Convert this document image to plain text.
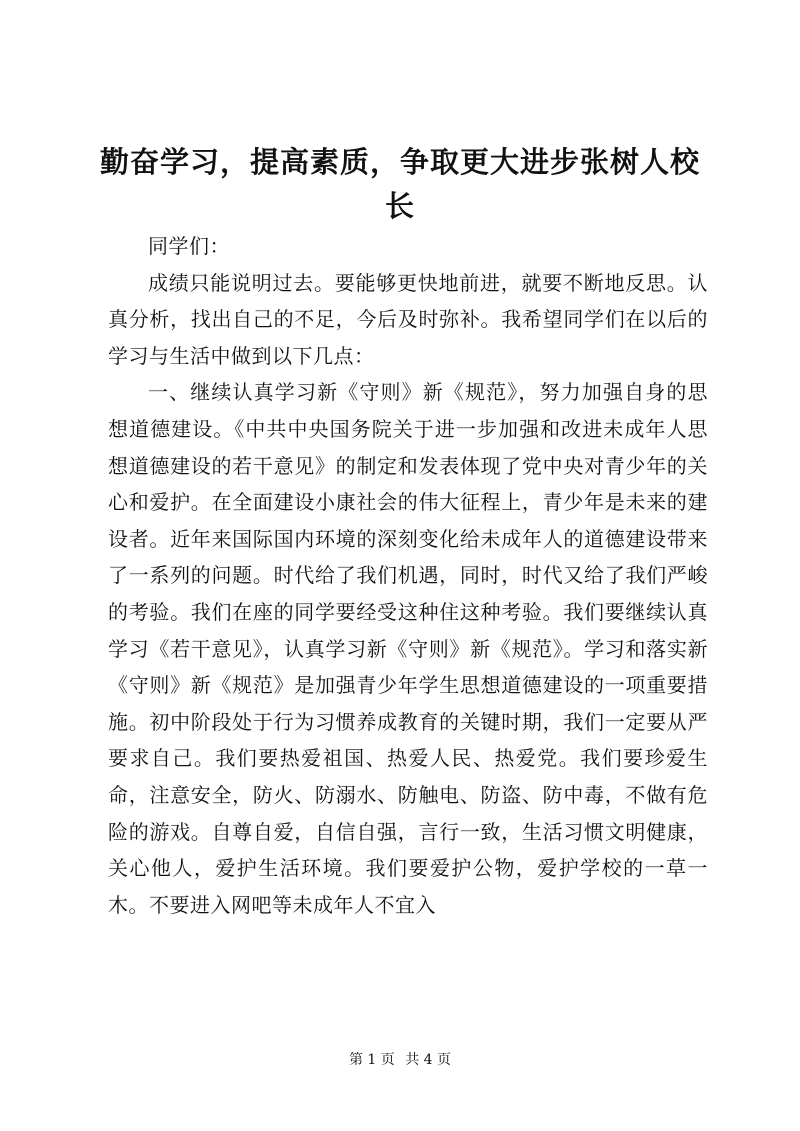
勤奋学习，提高素质，争取更大进步张树人校长

同学们：

成绩只能说明过去。要能够更快地前进，就要不断地反思。认真分析，找出自己的不足，今后及时弥补。我希望同学们在以后的学习与生活中做到以下几点：

一、继续认真学习新《守则》新《规范》，努力加强自身的思想道德建设。《中共中央国务院关于进一步加强和改进未成年人思想道德建设的若干意见》的制定和发表体现了党中央对青少年的关心和爱护。在全面建设小康社会的伟大征程上，青少年是未来的建设者。近年来国际国内环境的深刻变化给未成年人的道德建设带来了一系列的问题。时代给了我们机遇，同时，时代又给了我们严峻的考验。我们在座的同学要经受这种住这种考验。我们要继续认真学习《若干意见》，认真学习新《守则》新《规范》。学习和落实新《守则》新《规范》是加强青少年学生思想道德建设的一项重要措施。初中阶段处于行为习惯养成教育的关键时期，我们一定要从严要求自己。我们要热爱祖国、热爱人民、热爱党。我们要珍爱生命，注意安全，防火、防溺水、防触电、防盗、防中毒，不做有危险的游戏。自尊自爱，自信自强，言行一致，生活习惯文明健康，关心他人，爱护生活环境。我们要爱护公物，爱护学校的一草一木。不要进入网吧等未成年人不宜入

第 1 页 共 4 页
